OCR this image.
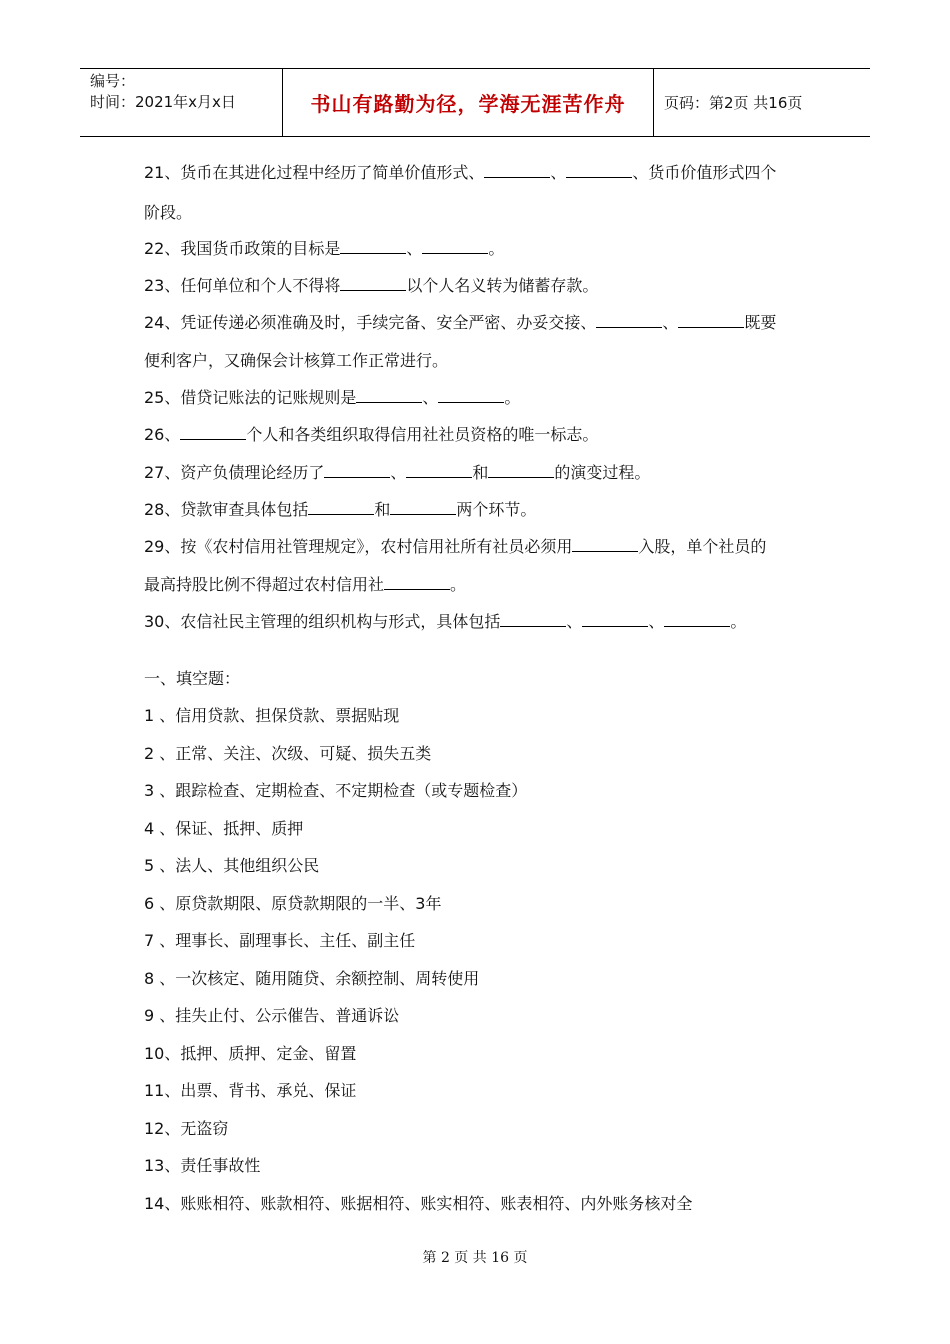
编号：
时间：2021年x月x日	书山有路勤为径，学海无涯苦作舟	页码：第2页 共16页
21、货币在其进化过程中经历了简单价值形式、	、	、货币价值形式四个
阶段。
22、我国货币政策的目标是	、	。
23、任何单位和个人不得将	以个人名义转为储蓄存款。
24、凭证传递必须准确及时，手续完备、安全严密、办妥交接、	、	既要
便利客户，又确保会计核算工作正常进行。
25、借贷记账法的记账规则是	、	。
26、	个人和各类组织取得信用社社员资格的唯一标志。
27、资产负债理论经历了	、	和	的演变过程。
28、贷款审查具体包括	和	两个环节。
29、按《农村信用社管理规定》，农村信用社所有社员必须用	入股，单个社员的
最高持股比例不得超过农村信用社	。
30、农信社民主管理的组织机构与形式，具体包括	、	、	。
一、填空题：
1 、信用贷款、担保贷款、票据贴现
2 、正常、关注、次级、可疑、损失五类
3 、跟踪检查、定期检查、不定期检查（或专题检查）
4 、保证、抵押、质押
5 、法人、其他组织公民
6 、原贷款期限、原贷款期限的一半、3年
7 、理事长、副理事长、主任、副主任
8 、一次核定、随用随贷、余额控制、周转使用
9 、挂失止付、公示催告、普通诉讼
10、抵押、质押、定金、留置
11、出票、背书、承兑、保证
12、无盗窃
13、责任事故性
14、账账相符、账款相符、账据相符、账实相符、账表相符、内外账务核对全
第 2 页 共 16 页
